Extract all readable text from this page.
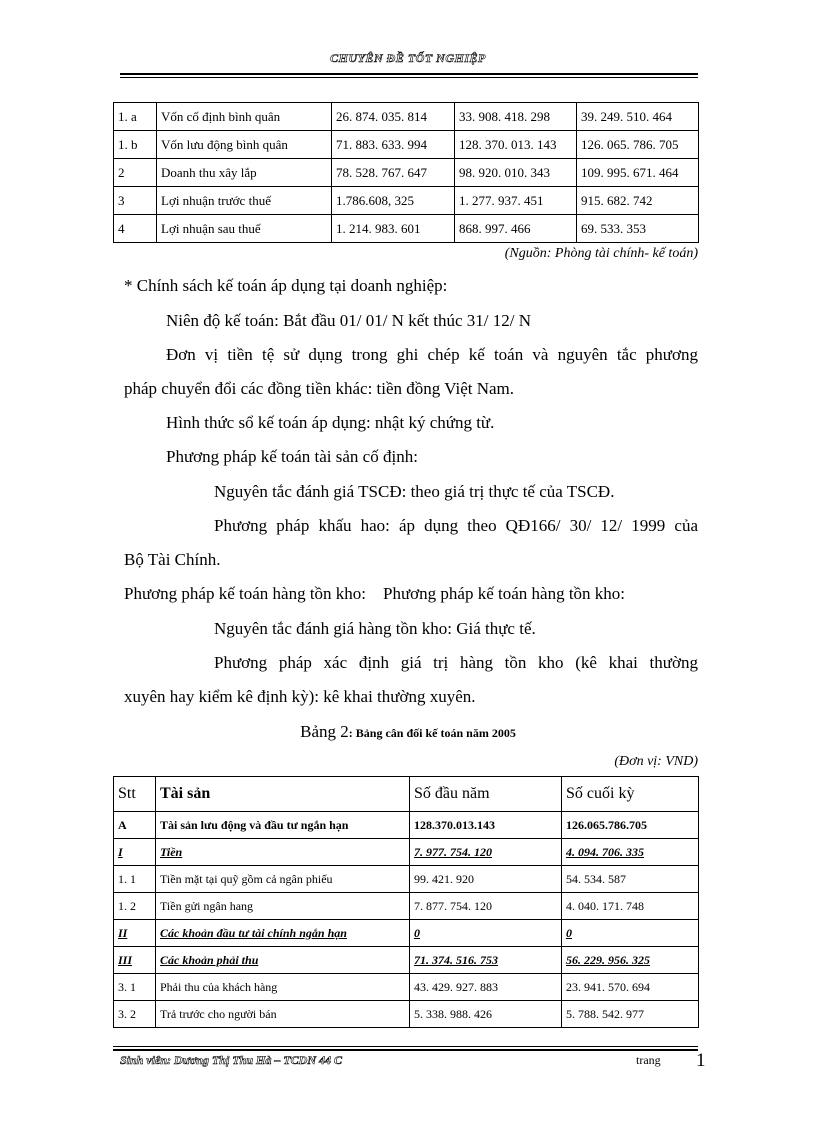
CHUYÊN ĐỀ TỐT NGHIỆP
1. a	Vốn cố định bình quân	26. 874. 035. 814	33. 908. 418. 298	39. 249. 510. 464
1. b	Vốn lưu động bình quân	71. 883. 633. 994	128. 370. 013. 143	126. 065. 786. 705
2	Doanh thu xây lắp	78. 528. 767. 647	98. 920. 010. 343	109. 995. 671. 464
3	Lợi nhuận trước thuế	1.786.608, 325	1. 277. 937. 451	915. 682. 742
4	Lợi nhuận sau thuế	1. 214. 983. 601	868. 997. 466	69. 533. 353
(Nguồn: Phòng tài chính- kế toán)
* Chính sách kế toán áp dụng tại doanh nghiệp:
Niên độ kế toán: Bắt đầu 01/ 01/ N kết thúc 31/ 12/ N
Đơn vị tiền tệ sử dụng trong ghi chép kế toán và nguyên tắc phương
pháp chuyển đổi các đồng tiền khác: tiền đồng Việt Nam.
Hình thức sổ kế toán áp dụng: nhật ký chứng từ.
Phương pháp kế toán tài sản cố định:
Nguyên tắc đánh giá TSCĐ: theo giá trị thực tế của TSCĐ.
Phương pháp khấu hao: áp dụng theo QĐ166/ 30/ 12/ 1999 của
Bộ Tài Chính.
Phương pháp kế toán hàng tồn kho:    Phương pháp kế toán hàng tồn kho:
Nguyên tắc đánh giá hàng tồn kho: Giá thực tế.
Phương pháp xác định giá trị hàng tồn kho (kê khai thường
xuyên hay kiểm kê định kỳ): kê khai thường xuyên.
Bảng 2: Bảng cân đối kế toán năm 2005
(Đơn vị: VND)
Stt	Tài sản	Số đầu năm	Số cuối kỳ
A	Tài sản lưu động và đầu tư ngắn hạn	128.370.013.143	126.065.786.705
I	Tiền	7. 977. 754. 120	4. 094. 706. 335
1. 1	Tiền mặt tại quỹ gồm cả ngân phiếu	99. 421. 920	54. 534. 587
1. 2	Tiền gửi ngân hang	7. 877. 754. 120	4. 040. 171. 748
II	Các khoản đầu tư tài chính ngắn hạn	0	0
III	Các khoản phải thu	71. 374. 516. 753	56. 229. 956. 325
3. 1	Phải thu của khách hàng	43. 429. 927. 883	23. 941. 570. 694
3. 2	Trả trước cho người bán	5. 338. 988. 426	5. 788. 542. 977
Sinh viên: Dương Thị Thu Hà – TCDN 44 C	trang 1
